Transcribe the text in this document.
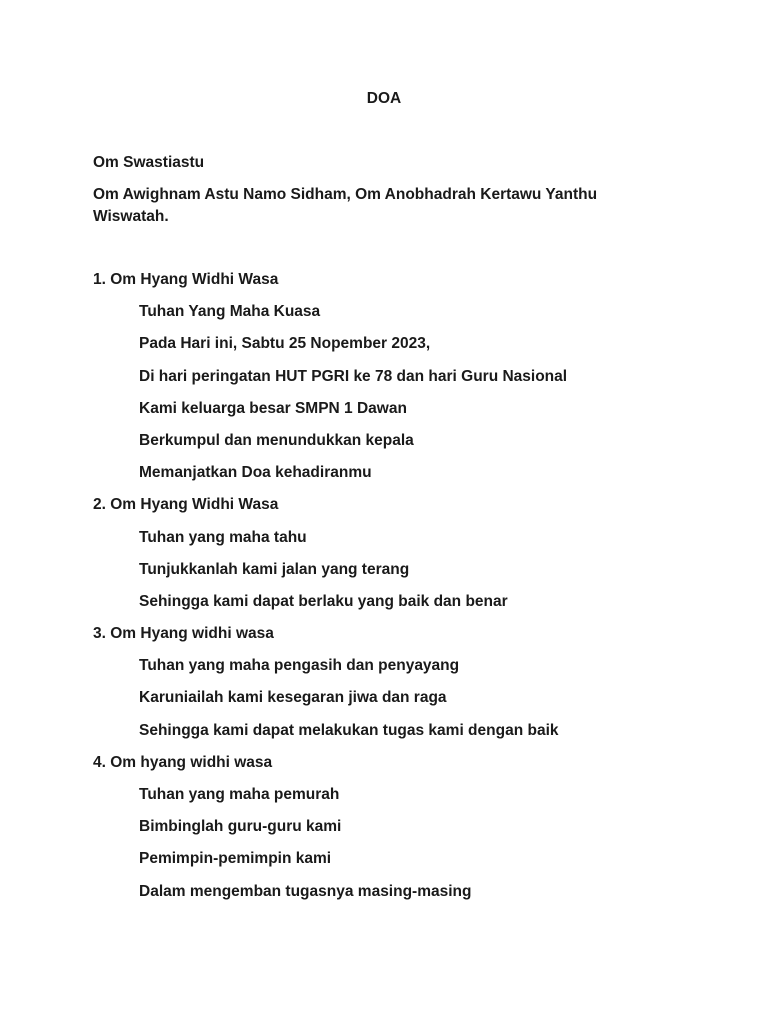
DOA

Om Swastiastu

Om Awighnam Astu Namo Sidham, Om Anobhadrah Kertawu Yanthu Wiswatah.

1. Om Hyang Widhi Wasa
Tuhan Yang Maha Kuasa
Pada Hari ini, Sabtu 25 Nopember 2023,
Di hari peringatan HUT PGRI ke 78 dan hari Guru Nasional
Kami keluarga besar SMPN 1 Dawan
Berkumpul dan menundukkan kepala
Memanjatkan Doa kehadiranmu
2. Om Hyang Widhi Wasa
Tuhan yang maha tahu
Tunjukkanlah kami jalan yang terang
Sehingga kami dapat berlaku yang baik dan benar
3. Om Hyang widhi wasa
Tuhan yang maha pengasih dan penyayang
Karuniailah kami kesegaran jiwa dan raga
Sehingga kami dapat melakukan tugas kami dengan baik
4. Om hyang widhi wasa
Tuhan yang maha pemurah
Bimbinglah guru-guru kami
Pemimpin-pemimpin kami
Dalam mengemban tugasnya masing-masing
